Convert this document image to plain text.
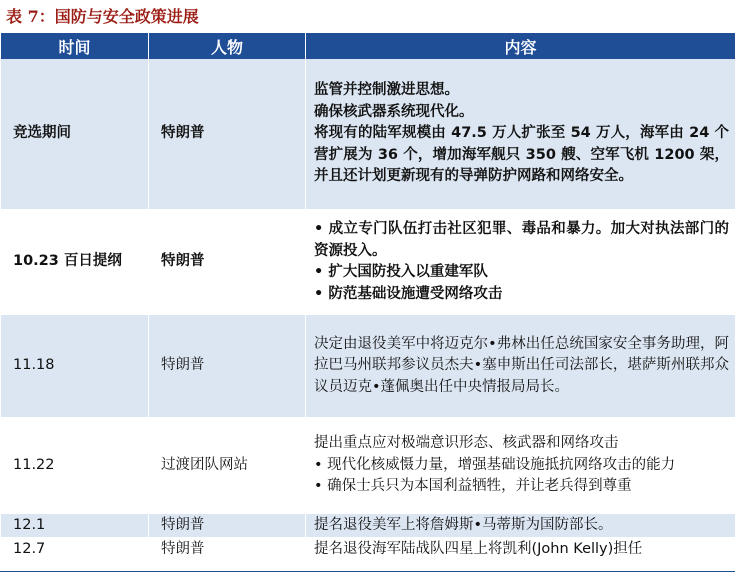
表 7：国防与安全政策进展
时间	人物	内容
竞选期间	特朗普	监管并控制激进思想。
确保核武器系统现代化。
将现有的陆军规模由 47.5 万人扩张至 54 万人，海军由 24 个营扩展为 36 个，增加海军舰只 350 艘、空军飞机 1200 架，并且还计划更新现有的导弹防护网路和网络安全。

10.23 百日提纲	特朗普	• 成立专门队伍打击社区犯罪、毒品和暴力。加大对执法部门的资源投入。
• 扩大国防投入以重建军队
• 防范基础设施遭受网络攻击

11.18	特朗普	决定由退役美军中将迈克尔•弗林出任总统国家安全事务助理，阿拉巴马州联邦参议员杰夫•塞申斯出任司法部长，堪萨斯州联邦众议员迈克•蓬佩奥出任中央情报局局长。

11.22	过渡团队网站	提出重点应对极端意识形态、核武器和网络攻击
• 现代化核威慑力量，增强基础设施抵抗网络攻击的能力
• 确保士兵只为本国利益牺牲，并让老兵得到尊重

12.1	特朗普	提名退役美军上将詹姆斯•马蒂斯为国防部长。

12.7	特朗普	提名退役海军陆战队四星上将凯利(John Kelly)担任
